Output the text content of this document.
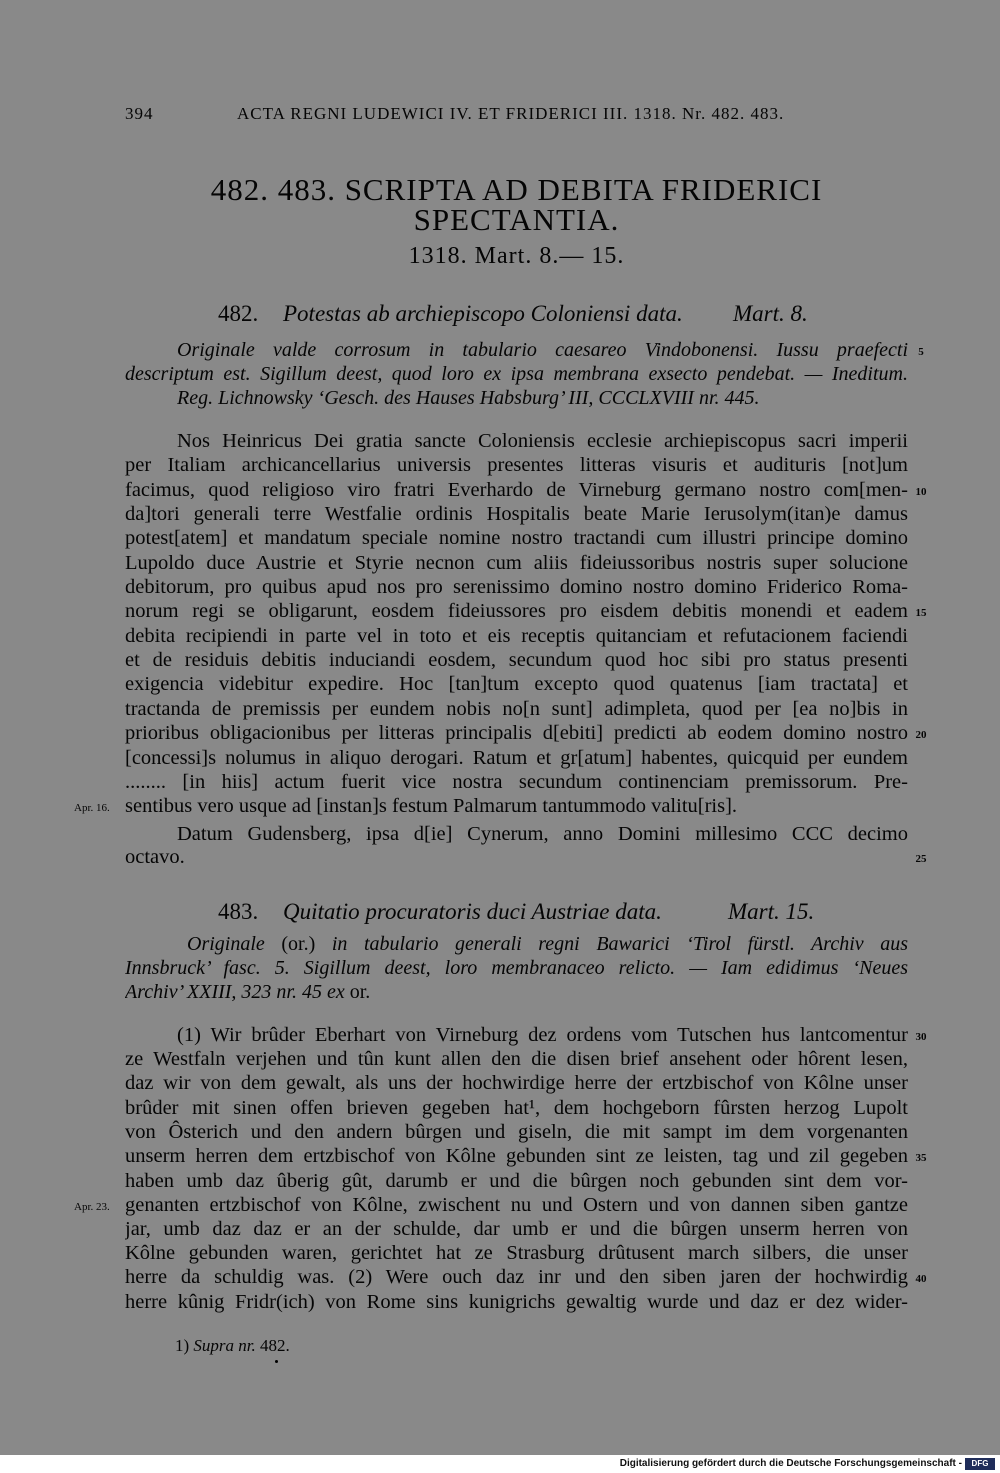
394	ACTA REGNI LUDEWICI IV. ET FRIDERICI III. 1318. Nr. 482. 483.
482. 483. SCRIPTA AD DEBITA FRIDERICI
SPECTANTIA.
1318. Mart. 8.— 15.
482. Potestas ab archiepiscopo Coloniensi data. Mart. 8.
Originale valde corrosum in tabulario caesareo Vindobonensi. Iussu praefecti
descriptum est. Sigillum deest, quod loro ex ipsa membrana exsecto pendebat. — Ineditum.
Reg. Lichnowsky ‘Gesch. des Hauses Habsburg’ III, CCCLXVIII nr. 445.
Nos Heinricus Dei gratia sancte Coloniensis ecclesie archiepiscopus sacri imperii
per Italiam archicancellarius universis presentes litteras visuris et audituris [not]um
facimus, quod religioso viro fratri Everhardo de Virneburg germano nostro com[men-
da]tori generali terre Westfalie ordinis Hospitalis beate Marie Ierusolym(itan)e damus
potest[atem] et mandatum speciale nomine nostro tractandi cum illustri principe domino
Lupoldo duce Austrie et Styrie necnon cum aliis fideiussoribus nostris super solucione
debitorum, pro quibus apud nos pro serenissimo domino nostro domino Friderico Roma-
norum regi se obligarunt, eosdem fideiussores pro eisdem debitis monendi et eadem
debita recipiendi in parte vel in toto et eis receptis quitanciam et refutacionem faciendi
et de residuis debitis induciandi eosdem, secundum quod hoc sibi pro status presenti
exigencia videbitur expedire. Hoc [tan]tum excepto quod quatenus [iam tractata] et
tractanda de premissis per eundem nobis no[n sunt] adimpleta, quod per [ea no]bis in
prioribus obligacionibus per litteras principalis d[ebiti] predicti ab eodem domino nostro
[concessi]s nolumus in aliquo derogari. Ratum et gr[atum] habentes, quicquid per eundem
........ [in hiis] actum fuerit vice nostra secundum continenciam premissorum. Pre-
sentibus vero usque ad [instan]s festum Palmarum tantummodo valitu[ris].
Datum Gudensberg, ipsa d[ie] Cynerum, anno Domini millesimo CCC decimo
octavo.
Apr. 16.
483. Quitatio procuratoris duci Austriae data.	Mart. 15.
Originale (or.) in tabulario generali regni Bawarici ‘Tirol fürstl. Archiv aus
Innsbruck’ fasc. 5. Sigillum deest, loro membranaceo relicto. — Iam edidimus ‘Neues
Archiv’ XXIII, 323 nr. 45 ex or.
(1) Wir brûder Eberhart von Virneburg dez ordens vom Tutschen hus lantcomentur
ze Westfaln verjehen und tûn kunt allen den die disen brief ansehent oder hôrent lesen,
daz wir von dem gewalt, als uns der hochwirdige herre der ertzbischof von Kôlne unser
brûder mit sinen offen brieven gegeben hat¹, dem hochgeborn fûrsten herzog Lupolt
von Ôsterich und den andern bûrgen und giseln, die mit sampt im dem vorgenanten
unserm herren dem ertzbischof von Kôlne gebunden sint ze leisten, tag und zil gegeben
haben umb daz ûberig gût, darumb er und die bûrgen noch gebunden sint dem vor-
genanten ertzbischof von Kôlne, zwischent nu und Ostern und von dannen siben gantze
jar, umb daz daz er an der schulde, dar umb er und die bûrgen unserm herren von
Kôlne gebunden waren, gerichtet hat ze Strasburg drûtusent march silbers, die unser
herre da schuldig was. (2) Were ouch daz inr und den siben jaren der hochwirdig
herre kûnig Fridr(ich) von Rome sins kunigrichs gewaltig wurde und daz er dez wider-
Apr. 23.
5
10
15
20
25
30
35
40
1) Supra nr. 482.
Digitalisierung gefördert durch die Deutsche Forschungsgemeinschaft -	DFG
